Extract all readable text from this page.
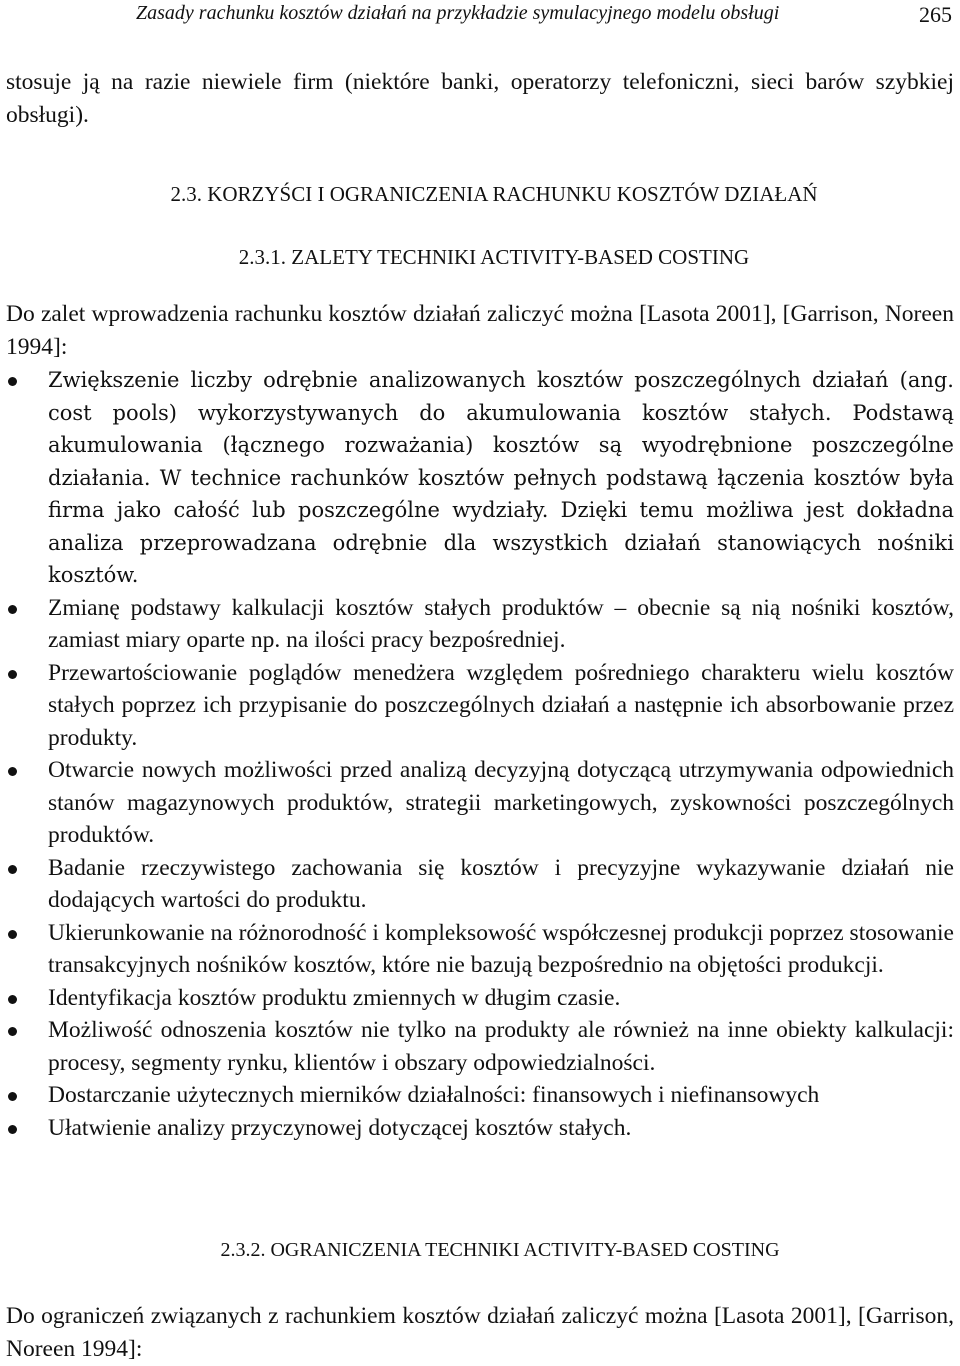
Zasady rachunku kosztów działań na przykładzie symulacyjnego modelu obsługi	265

stosuje ją na razie niewiele firm (niektóre banki, operatorzy telefoniczni, sieci barów szybkiej obsługi).

2.3. KORZYŚCI I OGRANICZENIA RACHUNKU KOSZTÓW DZIAŁAŃ
2.3.1. ZALETY TECHNIKI ACTIVITY-BASED COSTING

Do zalet wprowadzenia rachunku kosztów działań zaliczyć można [Lasota 2001], [Garrison, Noreen 1994]:

Zwiększenie liczby odrębnie analizowanych kosztów poszczególnych działań (ang. cost pools) wykorzystywanych do akumulowania kosztów stałych. Podstawą akumulowania (łącznego rozważania) kosztów są wyodrębnione poszczególne działania. W technice rachunków kosztów pełnych podstawą łączenia kosztów była firma jako całość lub poszczególne wydziały. Dzięki temu możliwa jest dokładna analiza przeprowadzana odrębnie dla wszystkich działań stanowiących nośniki kosztów.
Zmianę podstawy kalkulacji kosztów stałych produktów – obecnie są nią nośniki kosztów, zamiast miary oparte np. na ilości pracy bezpośredniej.
Przewartościowanie poglądów menedżera względem pośredniego charakteru wielu kosztów stałych poprzez ich przypisanie do poszczególnych działań a następnie ich absorbowanie przez produkty.
Otwarcie nowych możliwości przed analizą decyzyjną dotyczącą utrzymywania odpowiednich stanów magazynowych produktów, strategii marketingowych, zyskowności poszczególnych produktów.
Badanie rzeczywistego zachowania się kosztów i precyzyjne wykazywanie działań nie dodających wartości do produktu.
Ukierunkowanie na różnorodność i kompleksowość współczesnej produkcji poprzez stosowanie transakcyjnych nośników kosztów, które nie bazują bezpośrednio na objętości produkcji.
Identyfikacja kosztów produktu zmiennych w długim czasie.
Możliwość odnoszenia kosztów nie tylko na produkty ale również na inne obiekty kalkulacji: procesy, segmenty rynku, klientów i obszary odpowiedzialności.
Dostarczanie użytecznych mierników działalności: finansowych i niefinansowych
Ułatwienie analizy przyczynowej dotyczącej kosztów stałych.
2.3.2. OGRANICZENIA TECHNIKI ACTIVITY-BASED COSTING

Do ograniczeń związanych z rachunkiem kosztów działań zaliczyć można [Lasota 2001], [Garrison, Noreen 1994]:
